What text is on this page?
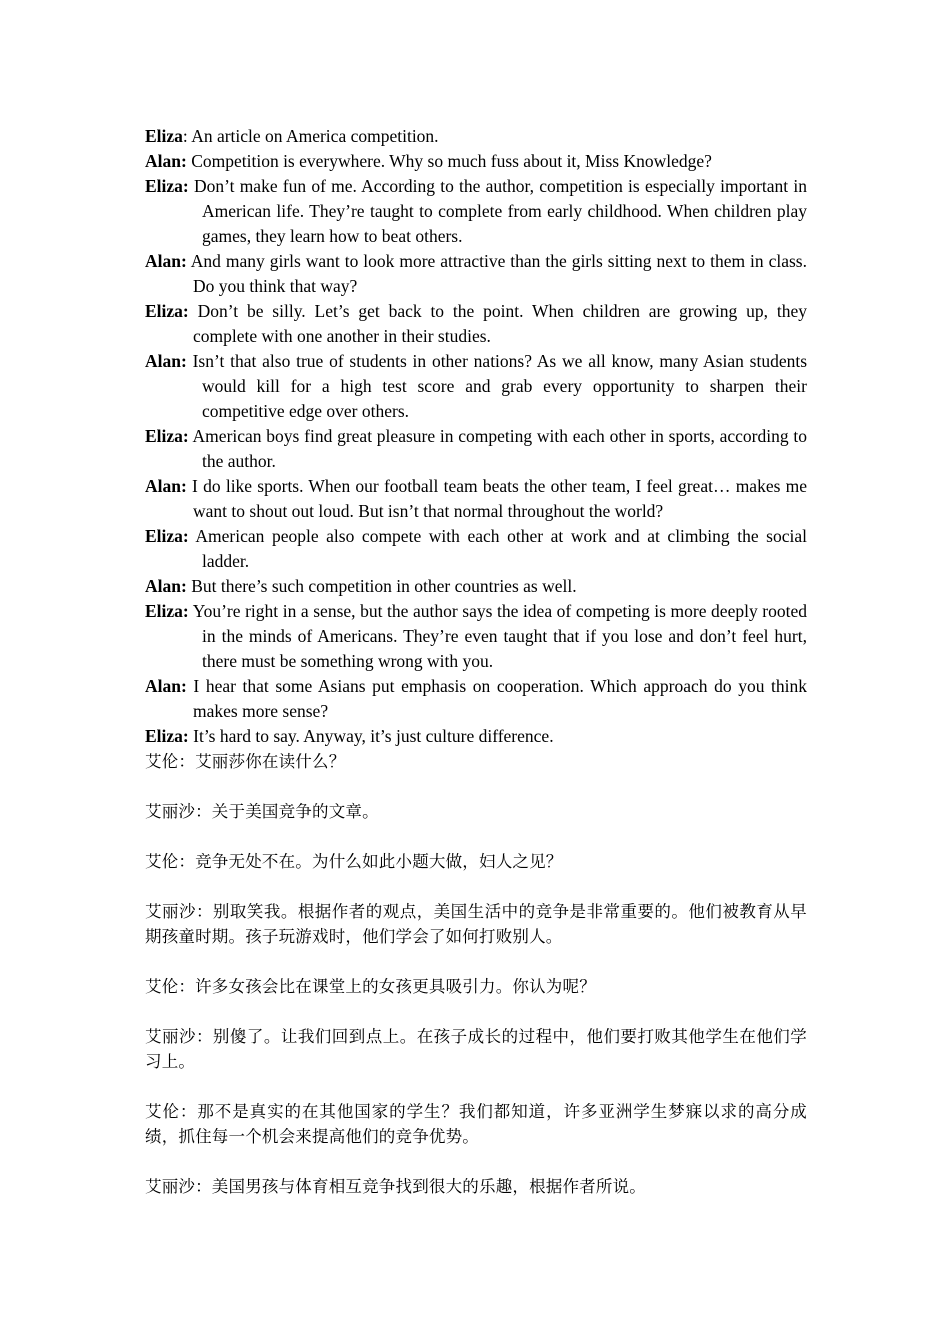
Eliza: An article on America competition.
Alan: Competition is everywhere. Why so much fuss about it, Miss Knowledge?
Eliza: Don’t make fun of me. According to the author, competition is especially important in American life. They’re taught to complete from early childhood. When children play games, they learn how to beat others.
Alan: And many girls want to look more attractive than the girls sitting next to them in class. Do you think that way?
Eliza: Don’t be silly. Let’s get back to the point. When children are growing up, they complete with one another in their studies.
Alan: Isn’t that also true of students in other nations? As we all know, many Asian students would kill for a high test score and grab every opportunity to sharpen their competitive edge over others.
Eliza: American boys find great pleasure in competing with each other in sports, according to the author.
Alan: I do like sports. When our football team beats the other team, I feel great… makes me want to shout out loud. But isn’t that normal throughout the world?
Eliza: American people also compete with each other at work and at climbing the social ladder.
Alan: But there’s such competition in other countries as well.
Eliza: You’re right in a sense, but the author says the idea of competing is more deeply rooted in the minds of Americans. They’re even taught that if you lose and don’t feel hurt, there must be something wrong with you.
Alan: I hear that some Asians put emphasis on cooperation. Which approach do you think makes more sense?
Eliza: It’s hard to say. Anyway, it’s just culture difference.

艾伦：艾丽莎你在读什么？

艾丽沙：关于美国竞争的文章。

艾伦：竞争无处不在。为什么如此小题大做，妇人之见？

艾丽沙：别取笑我。根据作者的观点，美国生活中的竞争是非常重要的。他们被教育从早期孩童时期。孩子玩游戏时，他们学会了如何打败别人。

艾伦：许多女孩会比在课堂上的女孩更具吸引力。你认为呢？

艾丽沙：别傻了。让我们回到点上。在孩子成长的过程中，他们要打败其他学生在他们学习上。

艾伦：那不是真实的在其他国家的学生？我们都知道，许多亚洲学生梦寐以求的高分成绩，抓住每一个机会来提高他们的竞争优势。

艾丽沙：美国男孩与体育相互竞争找到很大的乐趣，根据作者所说。
